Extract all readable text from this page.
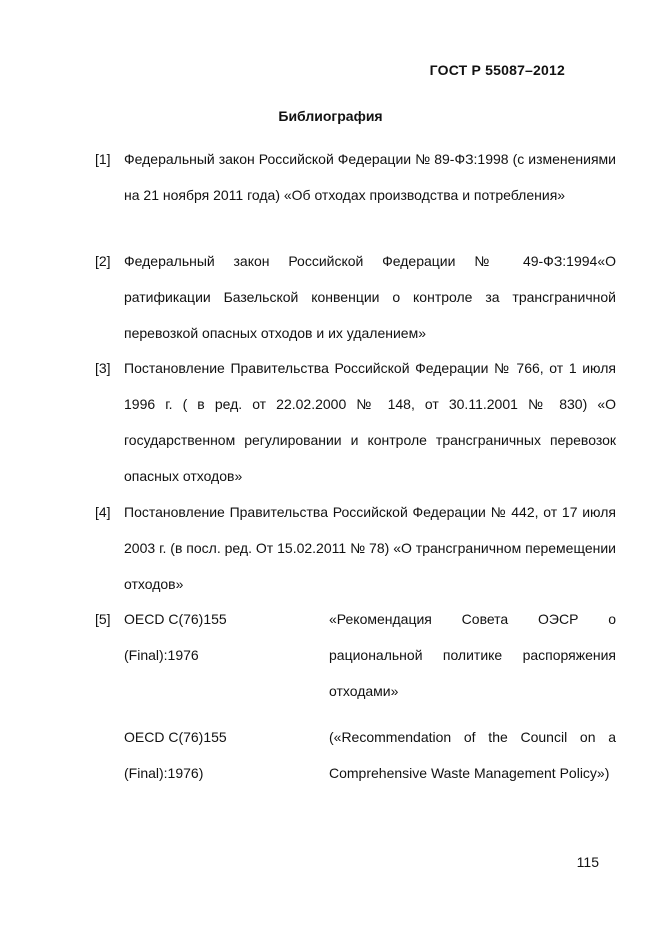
ГОСТ Р 55087–2012
Библиография
[1] Федеральный закон Российской Федерации № 89-ФЗ:1998 (с изменениями на 21 ноября 2011 года) «Об отходах производства и потребления»
[2] Федеральный закон Российской Федерации № 49-ФЗ:1994«О ратификации Базельской конвенции о контроле за трансграничной перевозкой опасных отходов и их удалением»
[3] Постановление Правительства Российской Федерации № 766, от 1 июля 1996 г. ( в ред. от 22.02.2000 № 148, от 30.11.2001 № 830) «О государственном регулировании и контроле трансграничных перевозок опасных отходов»
[4] Постановление Правительства Российской Федерации № 442, от 17 июля 2003 г. (в посл. ред. От 15.02.2011 № 78) «О трансграничном перемещении отходов»
[5] OECD C(76)155
(Final):1976
«Рекомендация Совета ОЭСР о рациональной политике распоряжения отходами»
OECD C(76)155
(Final):1976)
(«Recommendation of the Council on a Comprehensive Waste Management Policy»)
115
